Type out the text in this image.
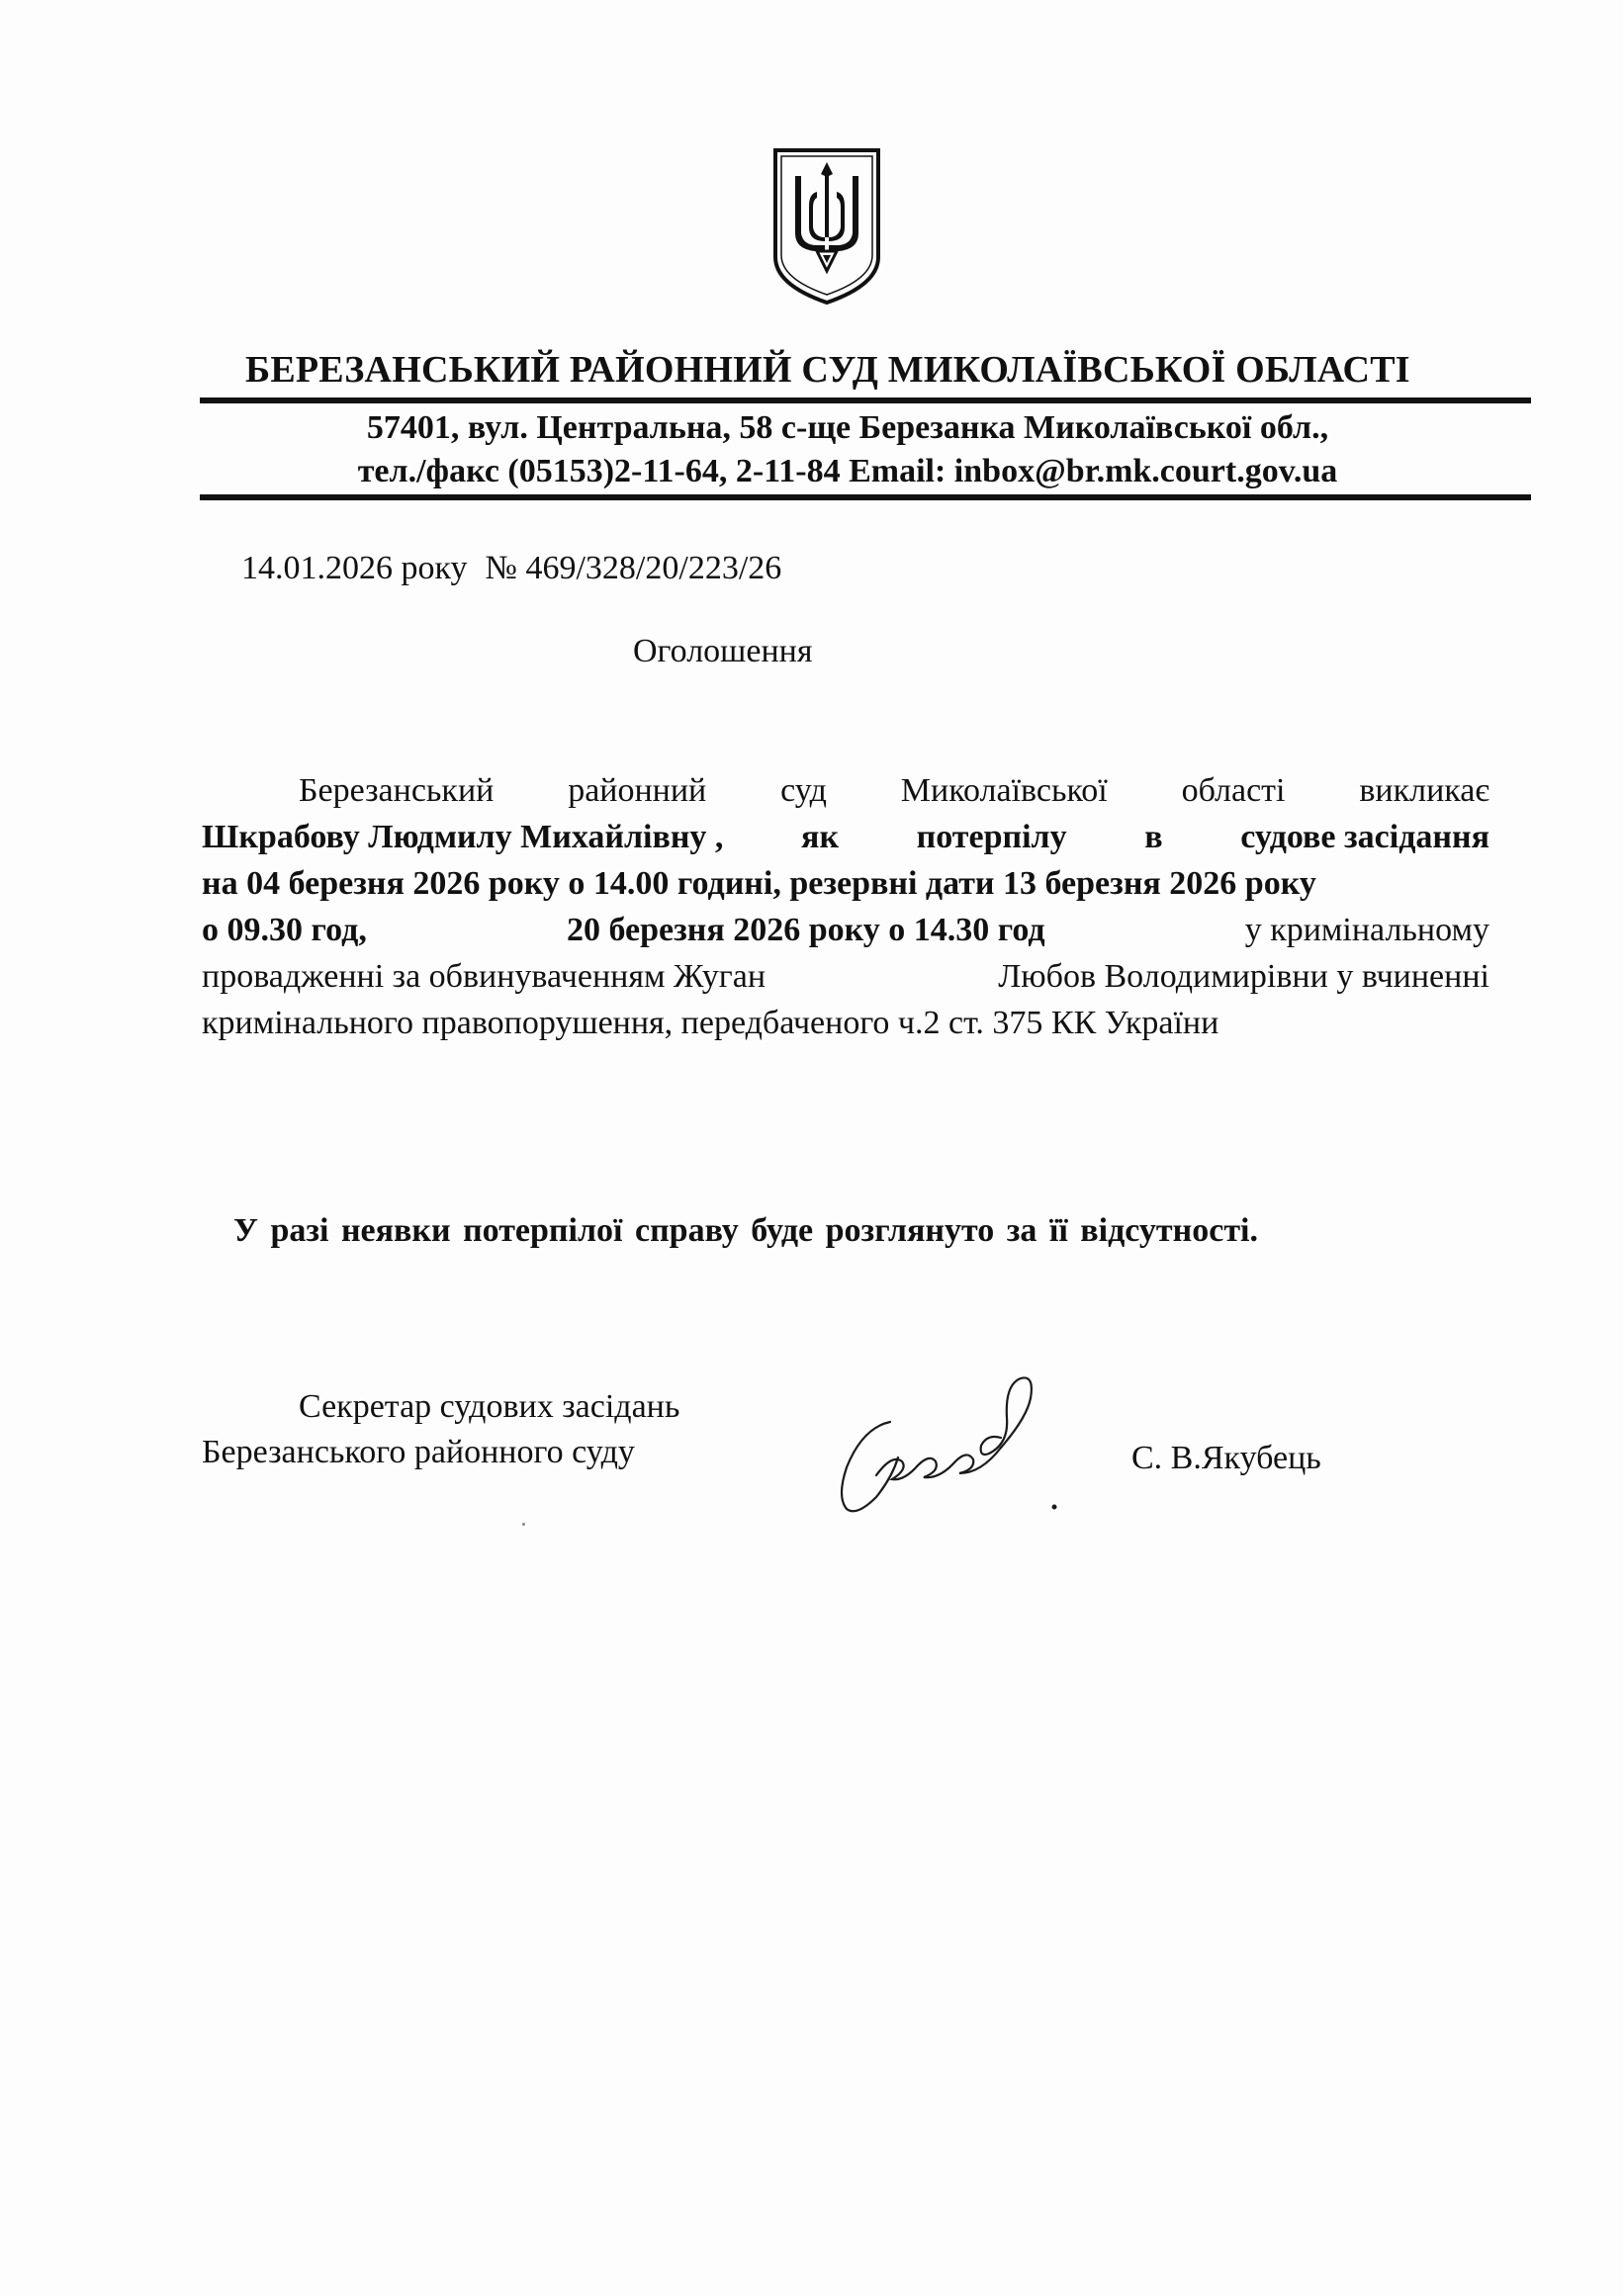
БЕРЕЗАНСЬКИЙ РАЙОННИЙ СУД МИКОЛАЇВСЬКОЇ ОБЛАСТІ
57401, вул. Центральна, 58 с-ще Березанка Миколаївської обл.,
тел./факс (05153)2-11-64, 2-11-84 Email: inbox@br.mk.court.gov.ua
14.01.2026 року № 469/328/20/223/26
Оголошення
Березанський районний суд Миколаївської області викликає
Шкрабову Людмилу Михайлівну , як потерпілу в судове засідання
на 04 березня 2026 року о 14.00 годині, резервні дати 13 березня 2026 року
о 09.30 год,	20 березня 2026 року о 14.30 год	у кримінальному
провадженні за обвинуваченням Жуган	Любов Володимирівни у вчиненні
кримінального правопорушення, передбаченого ч.2 ст. 375 КК України
У разі неявки потерпілої справу буде розглянуто за її відсутності.
Секретар судових засідань
Березанського районного суду	С. В.Якубець
